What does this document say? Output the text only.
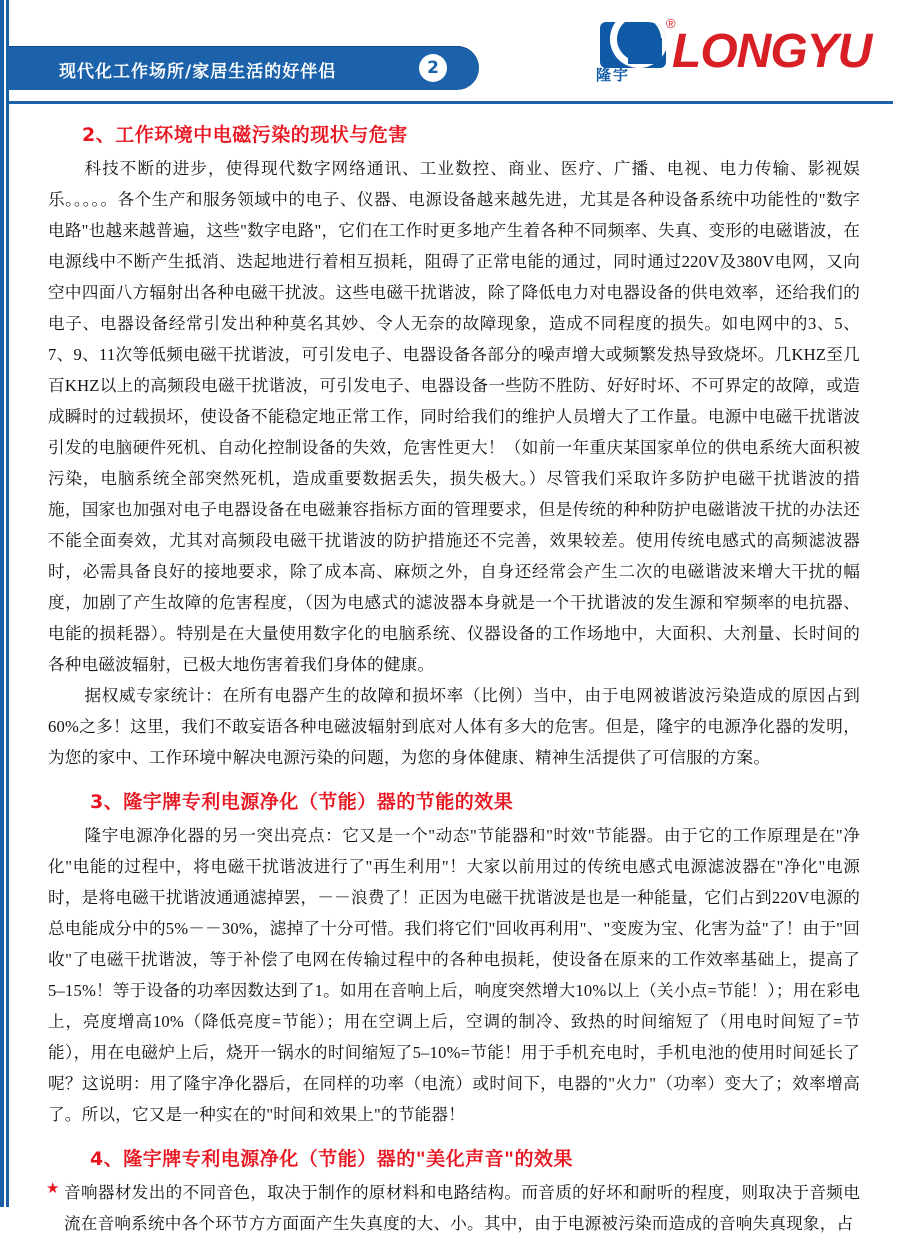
现代化工作场所/家居生活的好伴侣	2
®
隆宇 LONGYU
2、工作环境中电磁污染的现状与危害

科技不断的进步，使得现代数字网络通讯、工业数控、商业、医疗、广播、电视、电力传输、影视娱乐。。。。。各个生产和服务领域中的电子、仪器、电源设备越来越先进，尤其是各种设备系统中功能性的"数字电路"也越来越普遍，这些"数字电路"，它们在工作时更多地产生着各种不同频率、失真、变形的电磁谐波，在电源线中不断产生抵消、迭起地进行着相互损耗，阻碍了正常电能的通过，同时通过220V及380V电网，又向空中四面八方辐射出各种电磁干扰波。这些电磁干扰谐波，除了降低电力对电器设备的供电效率，还给我们的电子、电器设备经常引发出种种莫名其妙、令人无奈的故障现象，造成不同程度的损失。如电网中的3、5、7、9、11次等低频电磁干扰谐波，可引发电子、电器设备各部分的噪声增大或频繁发热导致烧坏。几KHZ至几百KHZ以上的高频段电磁干扰谐波，可引发电子、电器设备一些防不胜防、好好时坏、不可界定的故障，或造成瞬时的过载损坏，使设备不能稳定地正常工作，同时给我们的维护人员增大了工作量。电源中电磁干扰谐波引发的电脑硬件死机、自动化控制设备的失效，危害性更大！（如前一年重庆某国家单位的供电系统大面积被污染，电脑系统全部突然死机，造成重要数据丢失，损失极大。）尽管我们采取许多防护电磁干扰谐波的措施，国家也加强对电子电器设备在电磁兼容指标方面的管理要求，但是传统的种种防护电磁谐波干扰的办法还不能全面奏效，尤其对高频段电磁干扰谐波的防护措施还不完善，效果较差。使用传统电感式的高频滤波器时，必需具备良好的接地要求，除了成本高、麻烦之外，自身还经常会产生二次的电磁谐波来增大干扰的幅度，加剧了产生故障的危害程度，（因为电感式的滤波器本身就是一个干扰谐波的发生源和窄频率的电抗器、电能的损耗器）。特别是在大量使用数字化的电脑系统、仪器设备的工作场地中，大面积、大剂量、长时间的各种电磁波辐射，已极大地伤害着我们身体的健康。

据权威专家统计：在所有电器产生的故障和损坏率（比例）当中，由于电网被谐波污染造成的原因占到60%之多！这里，我们不敢妄语各种电磁波辐射到底对人体有多大的危害。但是，隆宇的电源净化器的发明，为您的家中、工作环境中解决电源污染的问题，为您的身体健康、精神生活提供了可信服的方案。

3、隆宇牌专利电源净化（节能）器的节能的效果

隆宇电源净化器的另一突出亮点：它又是一个"动态"节能器和"时效"节能器。由于它的工作原理是在"净化"电能的过程中，将电磁干扰谐波进行了"再生利用"！大家以前用过的传统电感式电源滤波器在"净化"电源时，是将电磁干扰谐波通通滤掉罢，－－浪费了！正因为电磁干扰谐波是也是一种能量，它们占到220V电源的总电能成分中的5%－－30%，滤掉了十分可惜。我们将它们"回收再利用"、"变废为宝、化害为益"了！由于"回收"了电磁干扰谐波，等于补偿了电网在传输过程中的各种电损耗，使设备在原来的工作效率基础上，提高了5–15%！等于设备的功率因数达到了1。如用在音响上后，响度突然增大10%以上（关小点=节能！）；用在彩电上，亮度增高10%（降低亮度=节能）；用在空调上后，空调的制冷、致热的时间缩短了（用电时间短了=节能），用在电磁炉上后，烧开一锅水的时间缩短了5–10%=节能！用于手机充电时，手机电池的使用时间延长了呢？这说明：用了隆宇净化器后，在同样的功率（电流）或时间下，电器的"火力"（功率）变大了；效率增高了。所以，它又是一种实在的"时间和效果上"的节能器！

4、隆宇牌专利电源净化（节能）器的"美化声音"的效果
★ 音响器材发出的不同音色，取决于制作的原材料和电路结构。而音质的好坏和耐听的程度，则取决于音频电流在音响系统中各个环节方方面面产生失真度的大、小。其中，由于电源被污染而造成的音响失真现象，占
